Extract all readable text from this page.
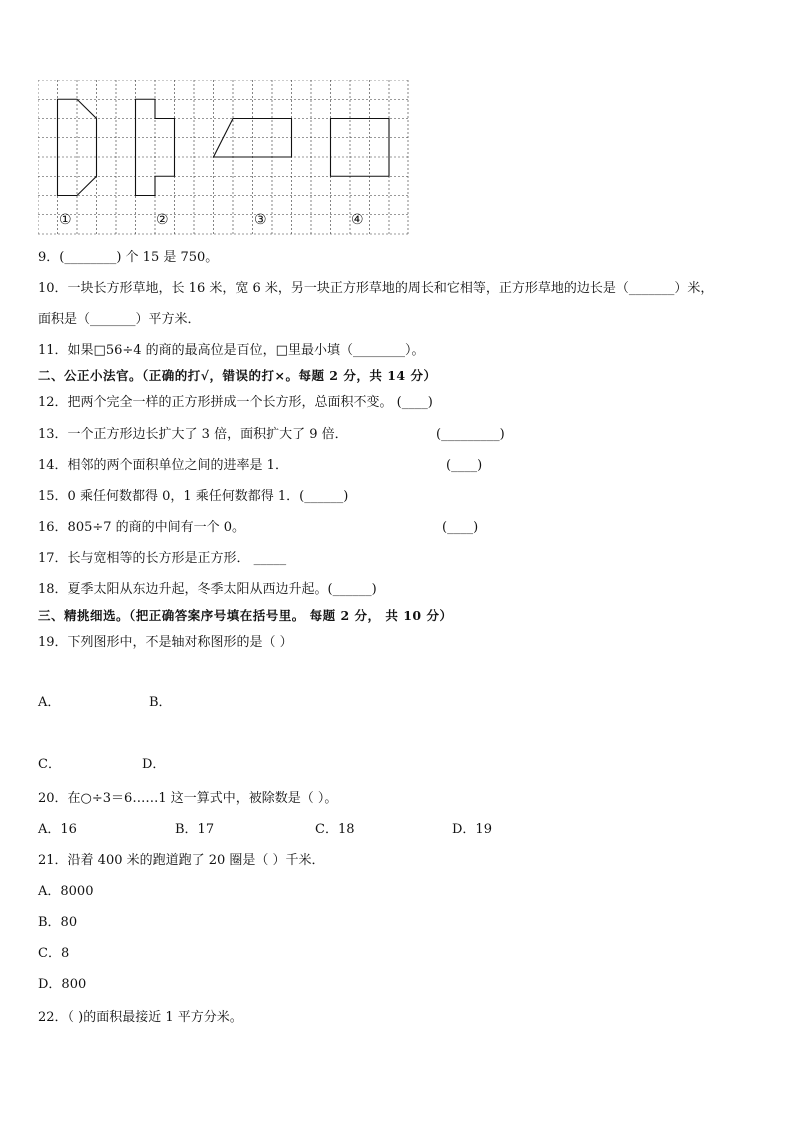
①	②	③	④
9．(________) 个 15 是 750。
10．一块长方形草地，长 16 米，宽 6 米，另一块正方形草地的周长和它相等，正方形草地的边长是（_______）米，
面积是（_______）平方米．
11．如果□56÷4 的商的最高位是百位，□里最小填（________）。
二、公正小法官。（正确的打√，错误的打×。每题 2 分，共 14 分）
12．把两个完全一样的正方形拼成一个长方形，总面积不变。 (____)
13．一个正方形边长扩大了 3 倍，面积扩大了 9 倍．	(_________)
14．相邻的两个面积单位之间的进率是 1．	(____)
15．0 乘任何数都得 0，1 乘任何数都得 1．(______)
16．805÷7 的商的中间有一个 0。	(____)
17．长与宽相等的长方形是正方形． _____
18．夏季太阳从东边升起，冬季太阳从西边升起。(______)
三、精挑细选。（把正确答案序号填在括号里。 每题 2 分， 共 10 分）
19．下列图形中，不是轴对称图形的是（ ）
A．	B．
C．	D．
20．在○÷3＝6……1 这一算式中，被除数是（ ）。
A．16	B．17	C．18	D．19
21．沿着 400 米的跑道跑了 20 圈是（ ）千米．
A．8000
B．80
C．8
D．800
22．（ )的面积最接近 1 平方分米。
